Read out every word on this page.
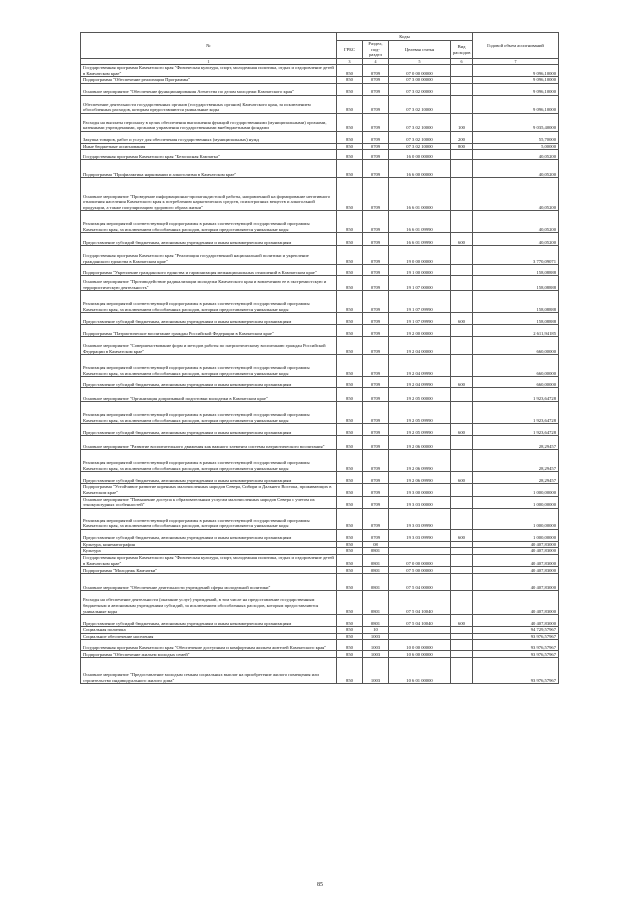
№	Коды				Годовой объем ассигнований
	ГРБС	Раздел, под-раздел	Целевая статья	Вид расходов	
1	3	4	5	6	7
Государственная программа Камчатского края "Физическая культура, спорт, молодежная политика, отдых и оздоровление детей в Камчатском крае"	850	0709	07 0 00 00000		9 096,10000
Подпрограмма "Обеспечение реализации Программы"	850	0709	07 3 00 00000		9 096,10000
Основное мероприятие "Обеспечение функционирования Агентства по делам молодежи Камчатского края"	850	0709	07 3 02 00000		9 096,10000
Обеспечение деятельности государственных органов (государственных органов) Камчатского края, за исключением обособленных расходов, которым предоставляются уникальные коды	850	0709	07 3 02 10000		9 096,10000
Расходы на выплаты персоналу в целях обеспечения выполнения функций государственными (муниципальными) органами, казенными учреждениями, органами управления государственными внебюджетными фондами	850	0709	07 3 02 10000	100	9 035,40000
Закупка товаров, работ и услуг для обеспечения государственных (муниципальных) нужд	850	0709	07 3 02 10000	200	55,70000
Иные бюджетные ассигнования	850	0709	07 3 02 10000	800	5,00000
Государственная программа Камчатского края "Безопасная Камчатка"	850	0709	16 0 00 00000		40,05200
Подпрограмма "Профилактика наркомании и алкоголизма в Камчатском крае"	850	0709	16 6 00 00000		40,05200
Основное мероприятие "Проведение информационно-пропагандистской работы, направленной на формирование негативного отношения населения Камчатского края к потреблению наркотических средств, психотропных веществ и алкогольной продукции, а также популяризацию здорового образа жизни"	850	0709	16 6 01 00000		40,05200
Реализация мероприятий соответствующей подпрограммы в рамках соответствующей государственной программы Камчатского края, за исключением обособленных расходов, которым предоставляются уникальные коды	850	0709	16 6 01 09990		40,05200
Предоставление субсидий бюджетным, автономным учреждениям и иным некоммерческим организациям	850	0709	16 6 01 09990	600	40,05200
Государственная программа Камчатского края "Реализация государственной национальной политики и укрепление гражданского единства в Камчатском крае"	850	0709	19 0 00 00000		3 770,09071
Подпрограмма "Укрепление гражданского единства и гармонизация межнациональных отношений в Камчатском крае"	850	0709	19 1 00 00000		158,08888
Основное мероприятие "Противодействие радикализации молодежи Камчатского края и вовлечению ее в экстремистскую и террористическую деятельность"	850	0709	19 1 07 00000		158,08888
Реализация мероприятий соответствующей подпрограммы в рамках соответствующей государственной программы Камчатского края, за исключением обособленных расходов, которым предоставляются уникальные коды	850	0709	19 1 07 09990		158,08888
Предоставление субсидий бюджетным, автономным учреждениям и иным некоммерческим организациям	850	0709	19 1 07 09990	600	158,08888
Подпрограмма "Патриотическое воспитание граждан Российской Федерации в Камчатском крае"	850	0709	19 2 00 00000		2 611,94185
Основное мероприятие "Совершенствование форм и методов работы по патриотическому воспитанию граждан Российской Федерации в Камчатском крае"	850	0709	19 2 04 00000		660,00000
Реализация мероприятий соответствующей подпрограммы в рамках соответствующей государственной программы Камчатского края, за исключением обособленных расходов, которым предоставляются уникальные коды	850	0709	19 2 04 09990		660,00000
Предоставление субсидий бюджетным, автономным учреждениям и иным некоммерческим организациям	850	0709	19 2 04 09990	600	660,00000
Основное мероприятие "Организация допризывной подготовки молодежи в Камчатском крае"	850	0709	19 2 05 00000		1 923,64728
Реализация мероприятий соответствующей подпрограммы в рамках соответствующей государственной программы Камчатского края, за исключением обособленных расходов, которым предоставляются уникальные коды	850	0709	19 2 05 09990		1 923,64728
Предоставление субсидий бюджетным, автономным учреждениям и иным некоммерческим организациям	850	0709	19 2 05 09990	600	1 923,64728
Основное мероприятие "Развитие воспитательного движения как важного элемента системы патриотического воспитания"	850	0709	19 2 06 00000		28,29457
Реализация мероприятий соответствующей подпрограммы в рамках соответствующей государственной программы Камчатского края, за исключением обособленных расходов, которым предоставляются уникальные коды	850	0709	19 2 06 09990		28,29457
Предоставление субсидий бюджетным, автономным учреждениям и иным некоммерческим организациям	850	0709	19 2 06 09990	600	28,29457
Подпрограмма "Устойчивое развитие коренных малочисленных народов Севера, Сибири и Дальнего Востока, проживающих в Камчатском крае"	850	0709	19 3 00 00000		1 000,00000
Основное мероприятие "Повышение доступа к образовательным услугам малочисленных народов Севера с учетом их этнокультурных особенностей"	850	0709	19 3 03 00000		1 000,00000
Реализация мероприятий соответствующей подпрограммы в рамках соответствующей государственной программы Камчатского края, за исключением обособленных расходов, которым предоставляются уникальные коды	850	0709	19 3 03 09990		1 000,00000
Предоставление субсидий бюджетным, автономным учреждениям и иным некоммерческим организациям	850	0709	19 3 03 09990	600	1 000,00000
Культура, кинематография	850	08			40 407,83000
Культура	850	0801			40 407,83000
Государственная программа Камчатского края "Физическая культура, спорт, молодежная политика, отдых и оздоровление детей в Камчатском крае"	850	0801	07 0 00 00000		40 407,83000
Подпрограмма "Молодежь Камчатки"	850	0801	07 5 00 00000		40 407,83000
Основное мероприятие "Обеспечение деятельности учреждений сферы молодежной политики"	850	0801	07 5 04 00000		40 407,83000
Расходы на обеспечение деятельности (оказание услуг) учреждений, в том числе на предоставление государственным бюджетным и автономным учреждениям субсидий, за исключением обособленных расходов, которым предоставляются уникальные коды	850	0801	07 5 04 10040		40 407,83000
Предоставление субсидий бюджетным, автономным учреждениям и иным некоммерческим организациям	850	0801	07 5 04 10040	600	40 407,83000
Социальная политика	850	10			94 729,57967
Социальное обеспечение населения	850	1003			93 976,57967
Государственная программа Камчатского края "Обеспечение доступным и комфортным жильем жителей Камчатского края"	850	1003	10 0 00 00000		93 976,57967
Подпрограмма "Обеспечение жильем молодых семей"	850	1003	10 6 00 00000		93 976,57967
Основное мероприятие "Предоставление молодым семьям социальных выплат на приобретение жилого помещения или строительство индивидуального жилого дома"	850	1003	10 6 01 00000		93 976,57967
85
